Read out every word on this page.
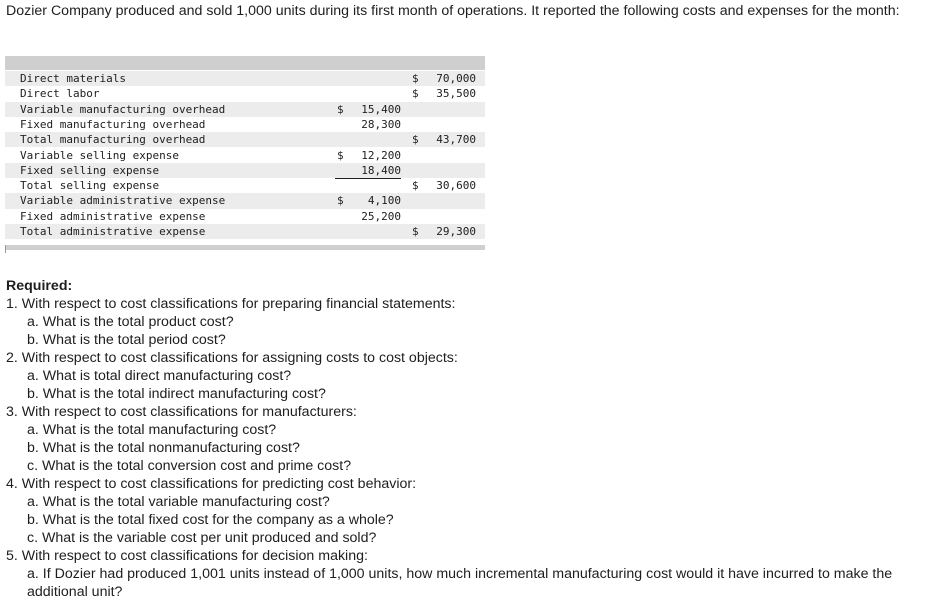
Dozier Company produced and sold 1,000 units during its first month of operations. It reported the following costs and expenses for the month:

Direct materials	$ 70,000
Direct labor	$ 35,500
Variable manufacturing overhead	$ 15,400
Fixed manufacturing overhead	28,300
Total manufacturing overhead	$ 43,700
Variable selling expense	$ 12,200
Fixed selling expense	18,400
Total selling expense	$ 30,600
Variable administrative expense	$ 4,100
Fixed administrative expense	25,200
Total administrative expense	$ 29,300
Required:
1. With respect to cost classifications for preparing financial statements:
a. What is the total product cost?
b. What is the total period cost?
2. With respect to cost classifications for assigning costs to cost objects:
a. What is total direct manufacturing cost?
b. What is the total indirect manufacturing cost?
3. With respect to cost classifications for manufacturers:
a. What is the total manufacturing cost?
b. What is the total nonmanufacturing cost?
c. What is the total conversion cost and prime cost?
4. With respect to cost classifications for predicting cost behavior:
a. What is the total variable manufacturing cost?
b. What is the total fixed cost for the company as a whole?
c. What is the variable cost per unit produced and sold?
5. With respect to cost classifications for decision making:
a. If Dozier had produced 1,001 units instead of 1,000 units, how much incremental manufacturing cost would it have incurred to make the additional unit?
